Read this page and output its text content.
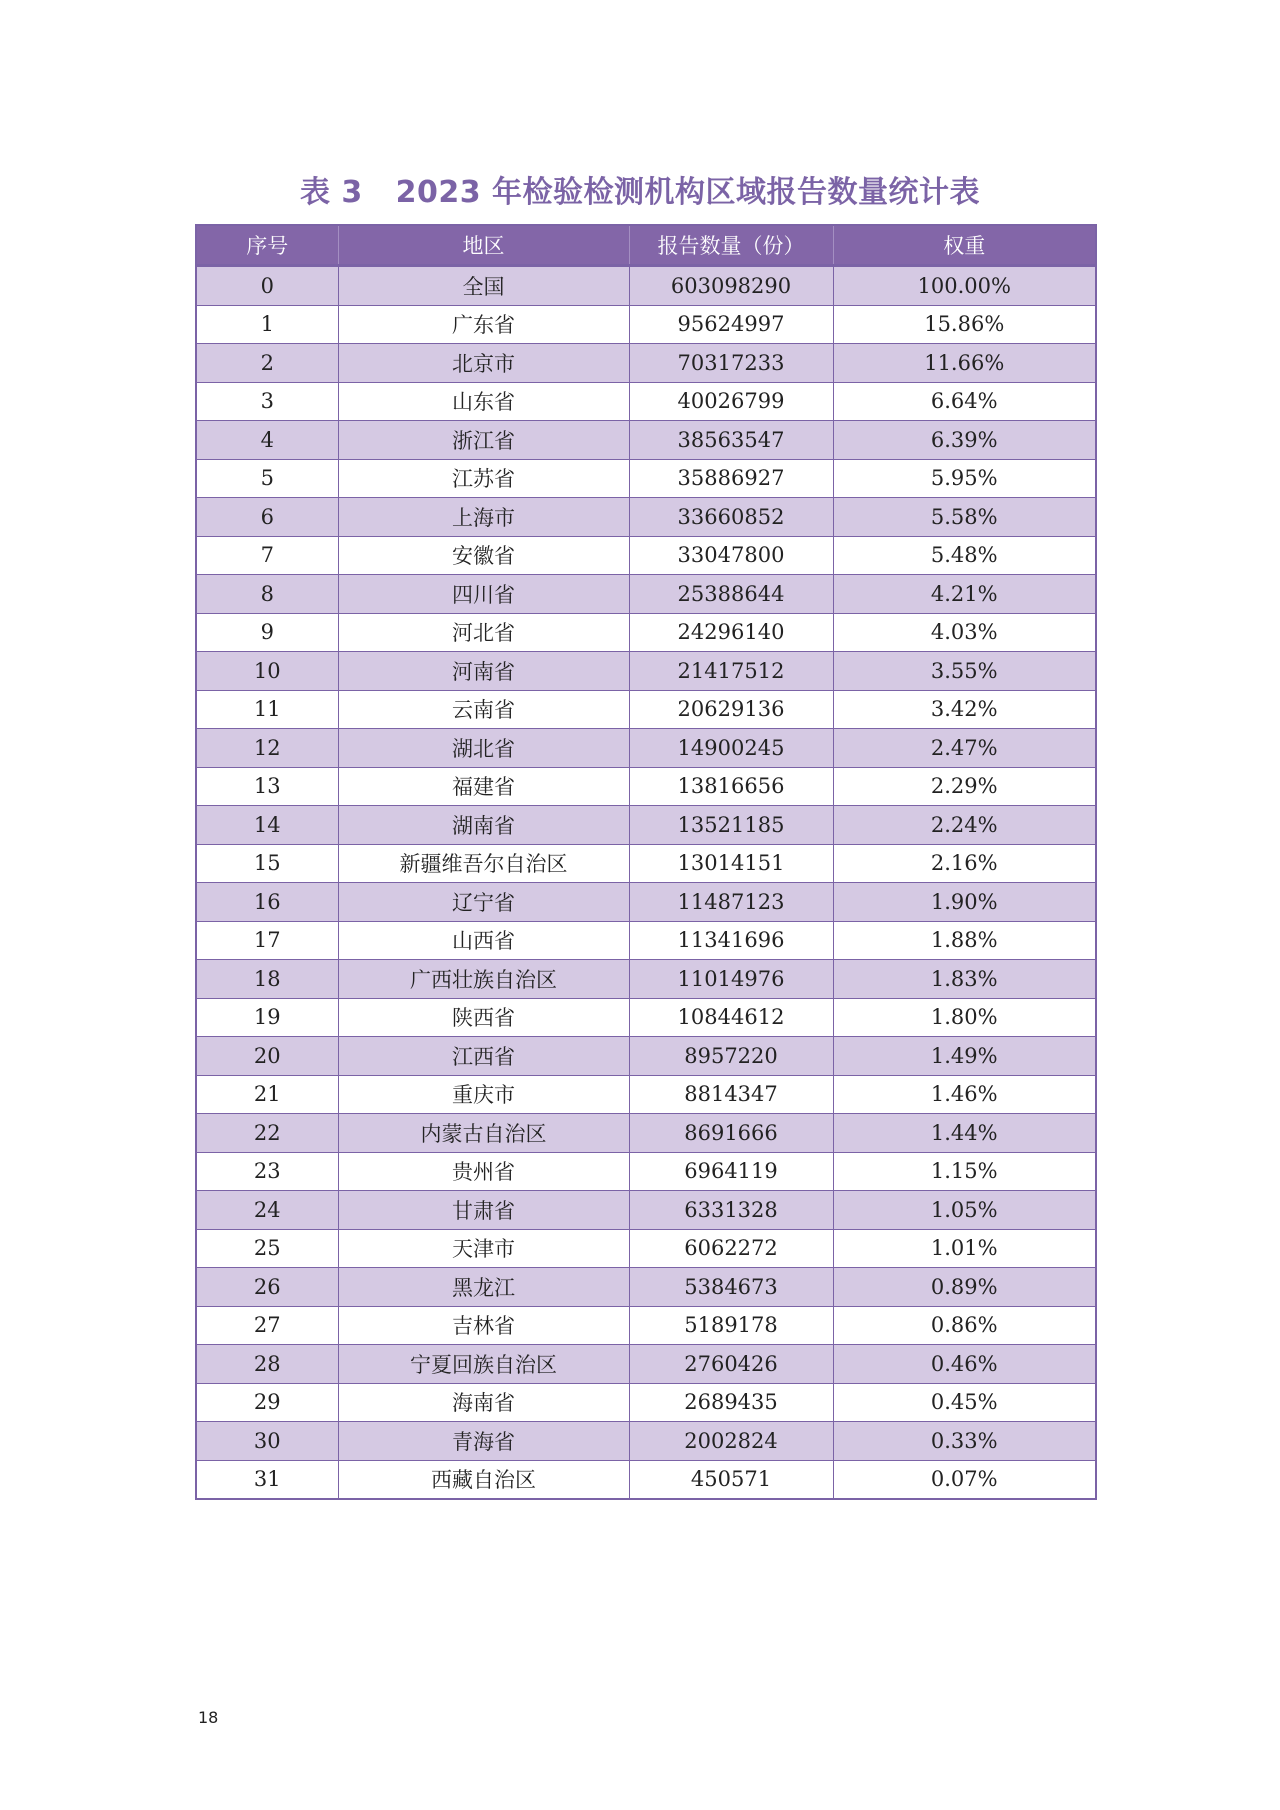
表 3   2023 年检验检测机构区域报告数量统计表
序号	地区	报告数量（份）	权重
0	全国	603098290	100.00%
1	广东省	95624997	15.86%
2	北京市	70317233	11.66%
3	山东省	40026799	6.64%
4	浙江省	38563547	6.39%
5	江苏省	35886927	5.95%
6	上海市	33660852	5.58%
7	安徽省	33047800	5.48%
8	四川省	25388644	4.21%
9	河北省	24296140	4.03%
10	河南省	21417512	3.55%
11	云南省	20629136	3.42%
12	湖北省	14900245	2.47%
13	福建省	13816656	2.29%
14	湖南省	13521185	2.24%
15	新疆维吾尔自治区	13014151	2.16%
16	辽宁省	11487123	1.90%
17	山西省	11341696	1.88%
18	广西壮族自治区	11014976	1.83%
19	陕西省	10844612	1.80%
20	江西省	8957220	1.49%
21	重庆市	8814347	1.46%
22	内蒙古自治区	8691666	1.44%
23	贵州省	6964119	1.15%
24	甘肃省	6331328	1.05%
25	天津市	6062272	1.01%
26	黑龙江	5384673	0.89%
27	吉林省	5189178	0.86%
28	宁夏回族自治区	2760426	0.46%
29	海南省	2689435	0.45%
30	青海省	2002824	0.33%
31	西藏自治区	450571	0.07%
18
